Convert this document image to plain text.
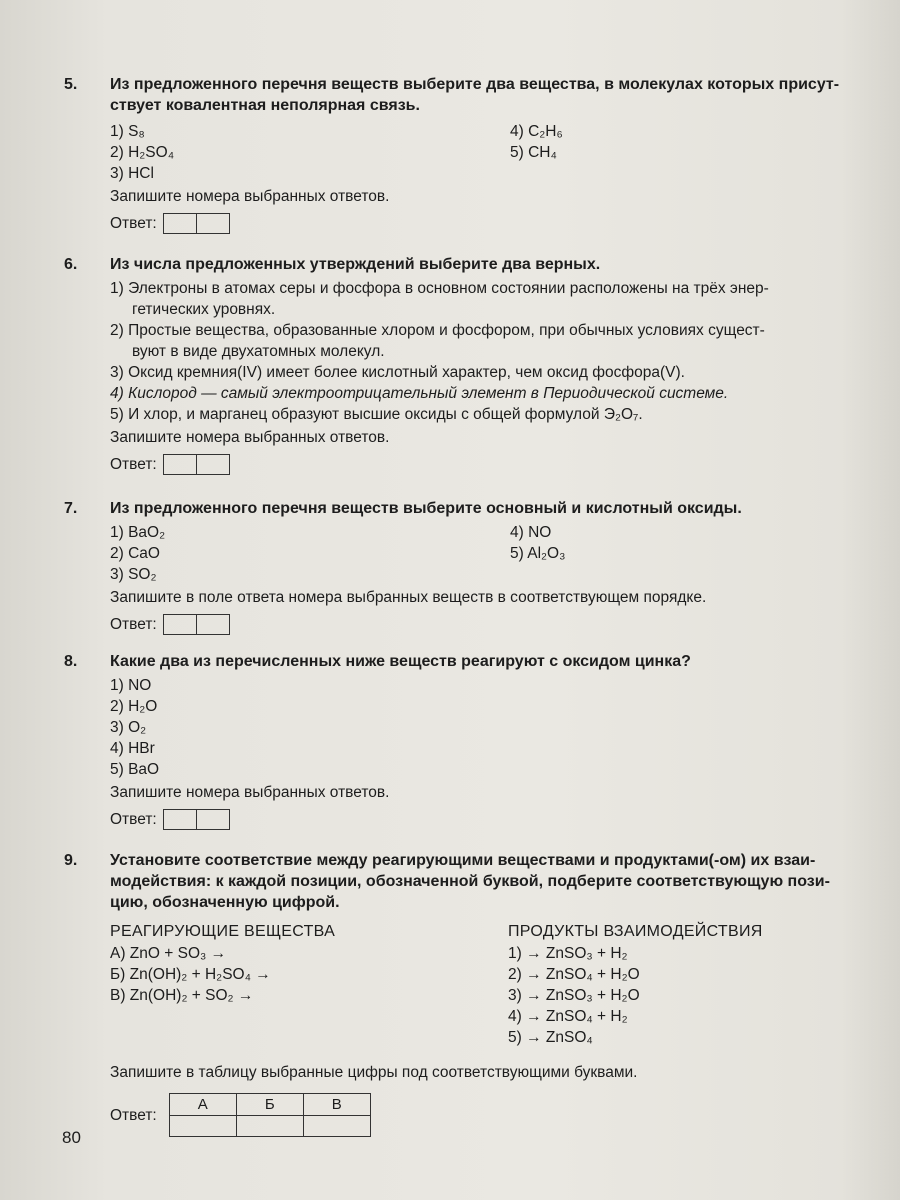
5. Из предложенного перечня веществ выберите два вещества, в молекулах которых присут-
ствует ковалентная неполярная связь.
1) S₈
2) H₂SO₄
3) HCl
4) C₂H₆
5) CH₄
Запишите номера выбранных ответов.
Ответ:
6. Из числа предложенных утверждений выберите два верных.
1) Электроны в атомах серы и фосфора в основном состоянии расположены на трёх энер-
гетических уровнях.
2) Простые вещества, образованные хлором и фосфором, при обычных условиях сущест-
вуют в виде двухатомных молекул.
3) Оксид кремния(IV) имеет более кислотный характер, чем оксид фосфора(V).
4) Кислород — самый электроотрицательный элемент в Периодической системе.
5) И хлор, и марганец образуют высшие оксиды с общей формулой Э₂О₇.
Запишите номера выбранных ответов.
Ответ:
7. Из предложенного перечня веществ выберите основный и кислотный оксиды.
1) BaO₂
2) CaO
3) SO₂
4) NO
5) Al₂O₃
Запишите в поле ответа номера выбранных веществ в соответствующем порядке.
Ответ:
8. Какие два из перечисленных ниже веществ реагируют с оксидом цинка?
1) NO
2) H₂O
3) O₂
4) HBr
5) BaO
Запишите номера выбранных ответов.
Ответ:
9. Установите соответствие между реагирующими веществами и продуктами(-ом) их взаи-
модействия: к каждой позиции, обозначенной буквой, подберите соответствующую пози-
цию, обозначенную цифрой.
РЕАГИРУЮЩИЕ ВЕЩЕСТВА
А) ZnO + SO₃ →
Б) Zn(OH)₂ + H₂SO₄ →
В) Zn(OH)₂ + SO₂ →
ПРОДУКТЫ ВЗАИМОДЕЙСТВИЯ
1) → ZnSO₃ + H₂
2) → ZnSO₄ + H₂O
3) → ZnSO₃ + H₂O
4) → ZnSO₄ + H₂
5) → ZnSO₄
Запишите в таблицу выбранные цифры под соответствующими буквами.
Ответ:
А	Б	В

80
